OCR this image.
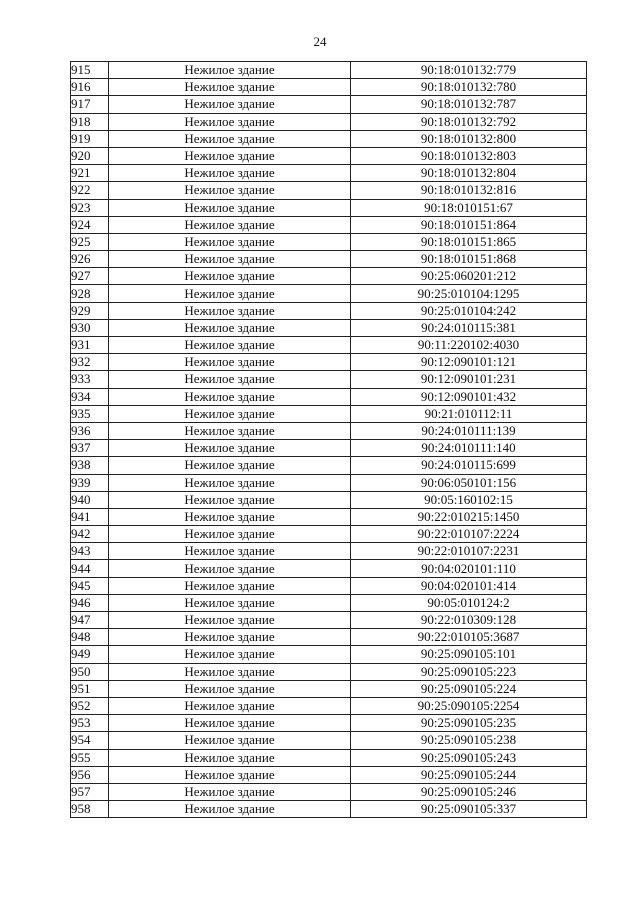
24
915	Нежилое здание	90:18:010132:779
916	Нежилое здание	90:18:010132:780
917	Нежилое здание	90:18:010132:787
918	Нежилое здание	90:18:010132:792
919	Нежилое здание	90:18:010132:800
920	Нежилое здание	90:18:010132:803
921	Нежилое здание	90:18:010132:804
922	Нежилое здание	90:18:010132:816
923	Нежилое здание	90:18:010151:67
924	Нежилое здание	90:18:010151:864
925	Нежилое здание	90:18:010151:865
926	Нежилое здание	90:18:010151:868
927	Нежилое здание	90:25:060201:212
928	Нежилое здание	90:25:010104:1295
929	Нежилое здание	90:25:010104:242
930	Нежилое здание	90:24:010115:381
931	Нежилое здание	90:11:220102:4030
932	Нежилое здание	90:12:090101:121
933	Нежилое здание	90:12:090101:231
934	Нежилое здание	90:12:090101:432
935	Нежилое здание	90:21:010112:11
936	Нежилое здание	90:24:010111:139
937	Нежилое здание	90:24:010111:140
938	Нежилое здание	90:24:010115:699
939	Нежилое здание	90:06:050101:156
940	Нежилое здание	90:05:160102:15
941	Нежилое здание	90:22:010215:1450
942	Нежилое здание	90:22:010107:2224
943	Нежилое здание	90:22:010107:2231
944	Нежилое здание	90:04:020101:110
945	Нежилое здание	90:04:020101:414
946	Нежилое здание	90:05:010124:2
947	Нежилое здание	90:22:010309:128
948	Нежилое здание	90:22:010105:3687
949	Нежилое здание	90:25:090105:101
950	Нежилое здание	90:25:090105:223
951	Нежилое здание	90:25:090105:224
952	Нежилое здание	90:25:090105:2254
953	Нежилое здание	90:25:090105:235
954	Нежилое здание	90:25:090105:238
955	Нежилое здание	90:25:090105:243
956	Нежилое здание	90:25:090105:244
957	Нежилое здание	90:25:090105:246
958	Нежилое здание	90:25:090105:337
